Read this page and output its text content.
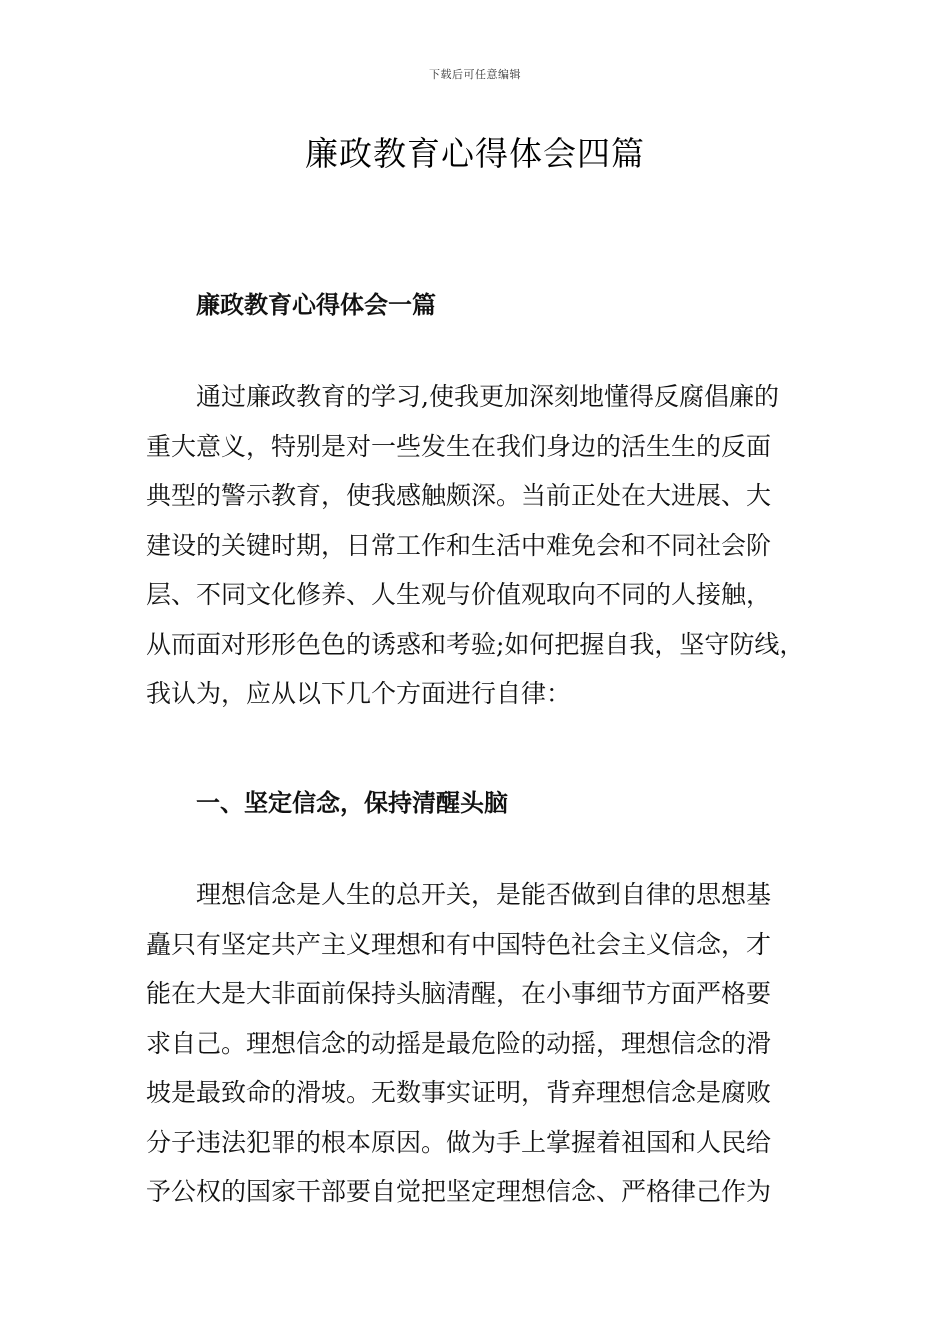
下载后可任意编辑
廉政教育心得体会四篇
廉政教育心得体会一篇
通过廉政教育的学习,使我更加深刻地懂得反腐倡廉的
重大意义，特别是对一些发生在我们身边的活生生的反面
典型的警示教育，使我感触颇深。当前正处在大进展、大
建设的关键时期，日常工作和生活中难免会和不同社会阶
层、不同文化修养、人生观与价值观取向不同的人接触，
从而面对形形色色的诱惑和考验;如何把握自我，坚守防线，
我认为，应从以下几个方面进行自律：
一、坚定信念，保持清醒头脑
理想信念是人生的总开关，是能否做到自律的思想基
矗只有坚定共产主义理想和有中国特色社会主义信念，才
能在大是大非面前保持头脑清醒，在小事细节方面严格要
求自己。理想信念的动摇是最危险的动摇，理想信念的滑
坡是最致命的滑坡。无数事实证明，背弃理想信念是腐败
分子违法犯罪的根本原因。做为手上掌握着祖国和人民给
予公权的国家干部要自觉把坚定理想信念、严格律己作为
